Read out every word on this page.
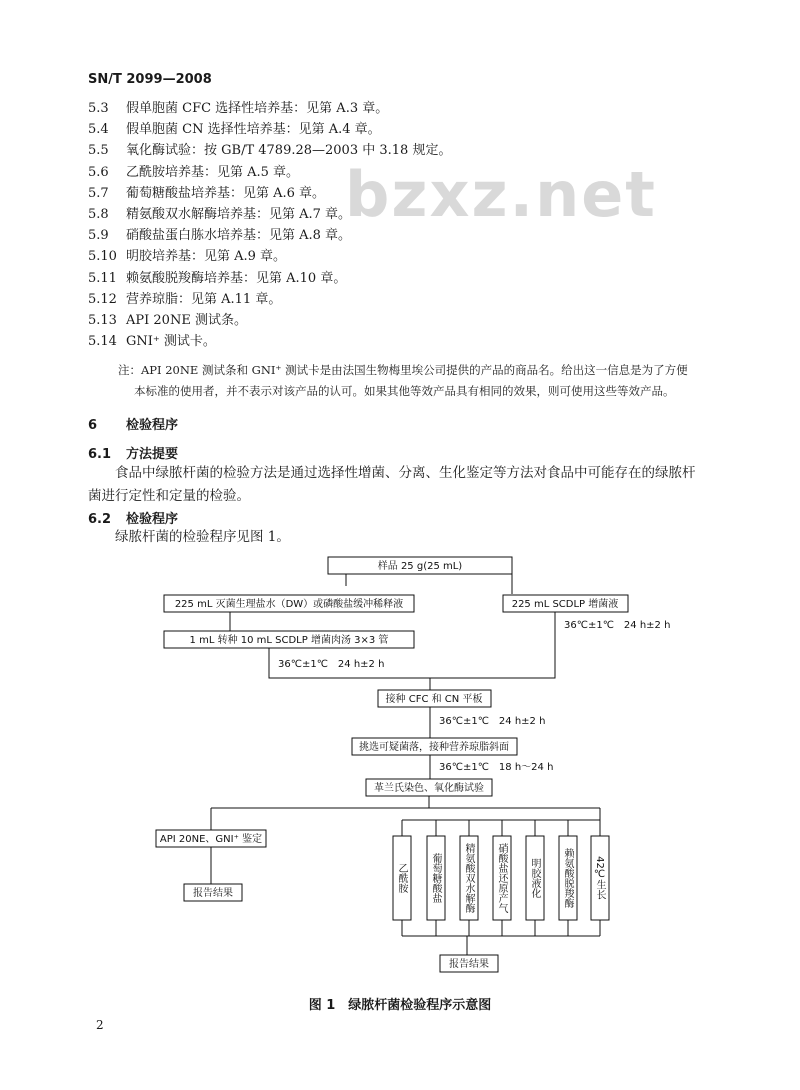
SN/T 2099—2008
bzxz.net
5.3 假单胞菌 CFC 选择性培养基：见第 A.3 章。
5.4 假单胞菌 CN 选择性培养基：见第 A.4 章。
5.5 氧化酶试验：按 GB/T 4789.28—2003 中 3.18 规定。
5.6 乙酰胺培养基：见第 A.5 章。
5.7 葡萄糖酸盐培养基：见第 A.6 章。
5.8 精氨酸双水解酶培养基：见第 A.7 章。
5.9 硝酸盐蛋白胨水培养基：见第 A.8 章。
5.10 明胶培养基：见第 A.9 章。
5.11 赖氨酸脱羧酶培养基：见第 A.10 章。
5.12 营养琼脂：见第 A.11 章。
5.13 API 20NE 测试条。
5.14 GNI⁺ 测试卡。
注：API 20NE 测试条和 GNI⁺ 测试卡是由法国生物梅里埃公司提供的产品的商品名。给出这一信息是为了方便
本标准的使用者，并不表示对该产品的认可。如果其他等效产品具有相同的效果，则可使用这些等效产品。
6 检验程序
6.1 方法提要
食品中绿脓杆菌的检验方法是通过选择性增菌、分离、生化鉴定等方法对食品中可能存在的绿脓杆菌进行定性和定量的检验。
6.2 检验程序
绿脓杆菌的检验程序见图 1。
样品 25 g(25 mL)
225 mL 灭菌生理盐水（DW）或磷酸盐缓冲稀释液	225 mL SCDLP 增菌液
1 mL 转种 10 mL SCDLP 增菌肉汤 3×3 管
36℃±1℃　24 h±2 h
36℃±1℃　24 h±2 h
接种 CFC 和 CN 平板
36℃±1℃　24 h±2 h
挑选可疑菌落，接种营养琼脂斜面
36℃±1℃　18 h～24 h
革兰氏染色、氧化酶试验
API 20NE、GNI⁺ 鉴定
报告结果
乙酰胺 葡萄糖酸盐 精氨酸双水解酶 硝酸盐还原产气 明胶液化 赖氨酸脱羧酶 42℃生长
报告结果
图 1　绿脓杆菌检验程序示意图
2
